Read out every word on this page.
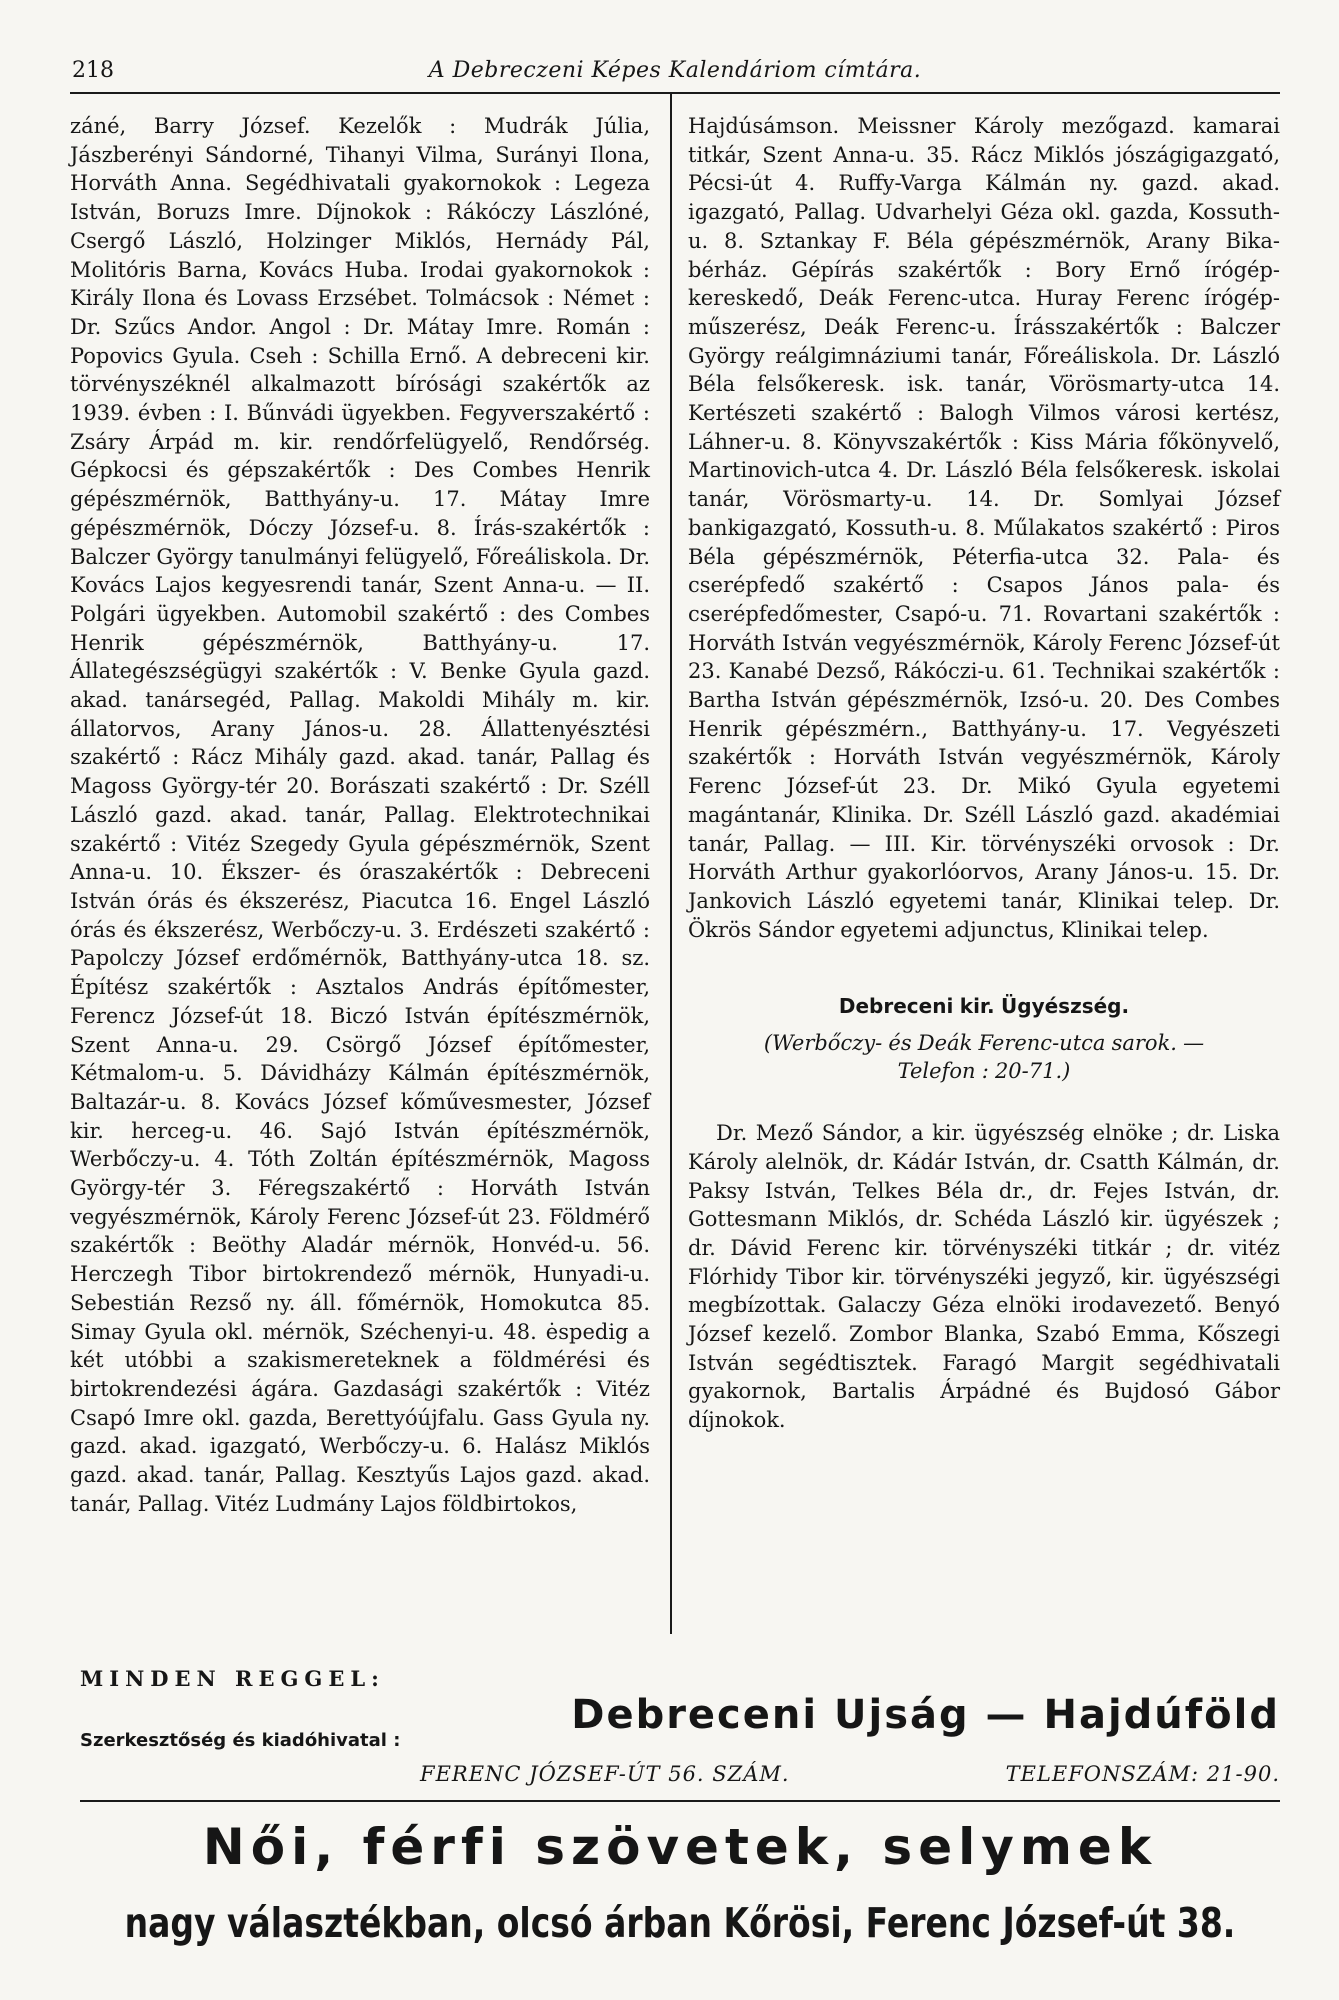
218	A Debreczeni Képes Kalendáriom címtára.

záné, Barry József. Kezelők : Mudrák Júlia, Jászberényi Sándorné, Tihanyi Vilma, Surányi Ilona, Horváth Anna. Segédhivatali gyakornokok : Legeza István, Boruzs Imre. Díjnokok : Rákóczy Lászlóné, Csergő László, Holzinger Miklós, Hernády Pál, Molitóris Barna, Kovács Huba. Irodai gyakornokok : Király Ilona és Lovass Erzsébet. Tolmácsok : Német : Dr. Szűcs Andor. Angol : Dr. Mátay Imre. Román : Popovics Gyula. Cseh : Schilla Ernő. A debreceni kir. törvényszéknél alkalmazott bírósági szakértők az 1939. évben : I. Bűnvádi ügyekben. Fegyverszakértő : Zsáry Árpád m. kir. rendőrfelügyelő, Rendőrség. Gépkocsi és gépszakértők : Des Combes Henrik gépészmérnök, Batthyány-u. 17. Mátay Imre gépészmérnök, Dóczy József-u. 8. Írás-szakértők : Balczer György tanulmányi felügyelő, Főreáliskola. Dr. Kovács Lajos kegyesrendi tanár, Szent Anna-u. — II. Polgári ügyekben. Automobil szakértő : des Combes Henrik gépészmérnök, Batthyány-u. 17. Állategészségügyi szakértők : V. Benke Gyula gazd. akad. tanársegéd, Pallag. Makoldi Mihály m. kir. állatorvos, Arany János-u. 28. Állattenyésztési szakértő : Rácz Mihály gazd. akad. tanár, Pallag és Magoss György-tér 20. Borászati szakértő : Dr. Széll László gazd. akad. tanár, Pallag. Elektrotechnikai szakértő : Vitéz Szegedy Gyula gépészmérnök, Szent Anna-u. 10. Ékszer- és óraszakértők : Debreceni István órás és ékszerész, Piacutca 16. Engel László órás és ékszerész, Werbőczy-u. 3. Erdészeti szakértő : Papolczy József erdőmérnök, Batthyány-utca 18. sz. Építész szakértők : Asztalos András építőmester, Ferencz József-út 18. Biczó István építészmérnök, Szent Anna-u. 29. Csörgő József építőmester, Kétmalom-u. 5. Dávidházy Kálmán építészmérnök, Baltazár-u. 8. Kovács József kőművesmester, József kir. herceg-u. 46. Sajó István építészmérnök, Werbőczy-u. 4. Tóth Zoltán építészmérnök, Magoss György-tér 3. Féregszakértő : Horváth István vegyészmérnök, Károly Ferenc József-út 23. Földmérő szakértők : Beöthy Aladár mérnök, Honvéd-u. 56. Herczegh Tibor birtokrendező mérnök, Hunyadi-u. Sebestián Rezső ny. áll. főmérnök, Homokutca 85. Simay Gyula okl. mérnök, Széchenyi-u. 48. ėspedig a két utóbbi a szakismereteknek a földmérési és birtokrendezési ágára. Gazdasági szakértők : Vitéz Csapó Imre okl. gazda, Berettyóújfalu. Gass Gyula ny. gazd. akad. igazgató, Werbőczy-u. 6. Halász Miklós gazd. akad. tanár, Pallag. Kesztyűs Lajos gazd. akad. tanár, Pallag. Vitéz Ludmány Lajos földbirtokos,

Hajdúsámson. Meissner Károly mezőgazd. kamarai titkár, Szent Anna-u. 35. Rácz Miklós jószágigazgató, Pécsi-út 4. Ruffy-Varga Kálmán ny. gazd. akad. igazgató, Pallag. Udvarhelyi Géza okl. gazda, Kossuth-u. 8. Sztankay F. Béla gépészmérnök, Arany Bika-bérház. Gépírás szakértők : Bory Ernő írógép-kereskedő, Deák Ferenc-utca. Huray Ferenc írógép-műszerész, Deák Ferenc-u. Írásszakértők : Balczer György reálgimnáziumi tanár, Főreáliskola. Dr. László Béla felsőkeresk. isk. tanár, Vörösmarty-utca 14. Kertészeti szakértő : Balogh Vilmos városi kertész, Láhner-u. 8. Könyvszakértők : Kiss Mária főkönyvelő, Martinovich-utca 4. Dr. László Béla felsőkeresk. iskolai tanár, Vörösmarty-u. 14. Dr. Somlyai József bankigazgató, Kossuth-u. 8. Műlakatos szakértő : Piros Béla gépészmérnök, Péterfia-utca 32. Pala- és cserépfedő szakértő : Csapos János pala- és cserépfedőmester, Csapó-u. 71. Rovartani szakértők : Horváth István vegyészmérnök, Károly Ferenc József-út 23. Kanabé Dezső, Rákóczi-u. 61. Technikai szakértők : Bartha István gépészmérnök, Izsó-u. 20. Des Combes Henrik gépészmérn., Batthyány-u. 17. Vegyészeti szakértők : Horváth István vegyészmérnök, Károly Ferenc József-út 23. Dr. Mikó Gyula egyetemi magántanár, Klinika. Dr. Széll László gazd. akadémiai tanár, Pallag. — III. Kir. törvényszéki orvosok : Dr. Horváth Arthur gyakorlóorvos, Arany János-u. 15. Dr. Jankovich László egyetemi tanár, Klinikai telep. Dr. Ökrös Sándor egyetemi adjunctus, Klinikai telep.

Debreceni kir. Ügyészség.
(Werbőczy- és Deák Ferenc-utca sarok. —
Telefon : 20-71.)

Dr. Mező Sándor, a kir. ügyészség elnöke ; dr. Liska Károly alelnök, dr. Kádár István, dr. Csatth Kálmán, dr. Paksy István, Telkes Béla dr., dr. Fejes István, dr. Gottesmann Miklós, dr. Schéda László kir. ügyészek ; dr. Dávid Ferenc kir. törvényszéki titkár ; dr. vitéz Flórhidy Tibor kir. törvényszéki jegyző, kir. ügyészségi megbízottak. Galaczy Géza elnöki irodavezető. Benyó József kezelő. Zombor Blanka, Szabó Emma, Kőszegi István segédtisztek. Faragó Margit segédhivatali gyakornok, Bartalis Árpádné és Bujdosó Gábor díjnokok.

MINDEN REGGEL:
Debreceni Ujság — Hajdúföld
Szerkesztőség és kiadóhivatal :
FERENC JÓZSEF-ÚT 56. SZÁM.	TELEFONSZÁM: 21-90.
Női, férfi szövetek, selymek
nagy választékban, olcsó árban Kőrösi, Ferenc József-út 38.
